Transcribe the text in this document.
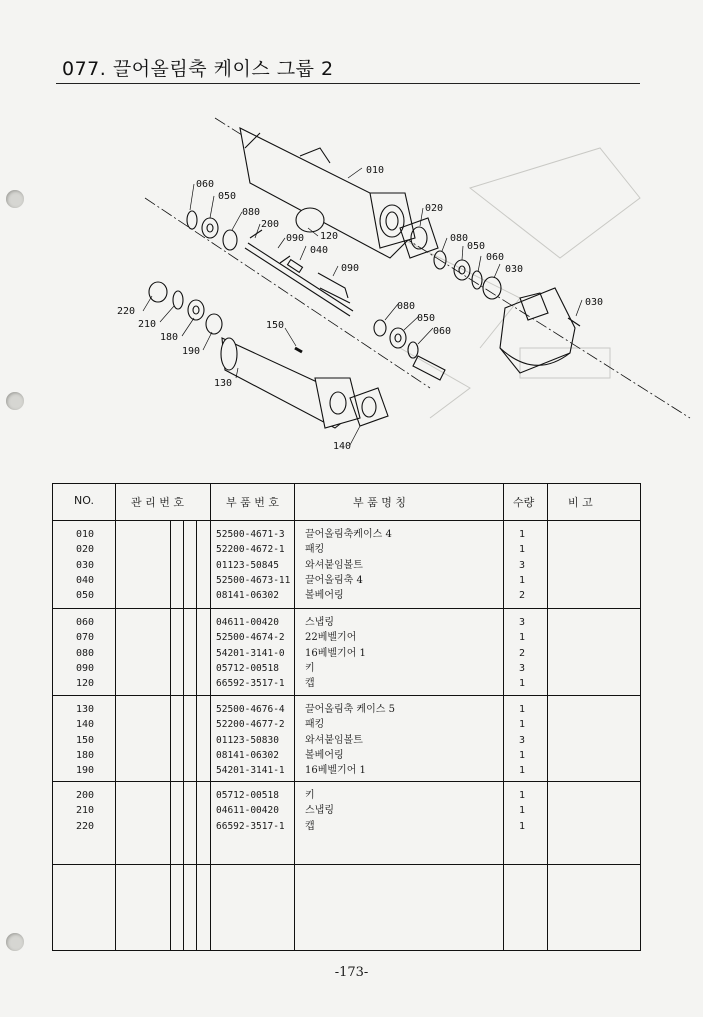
077. 끌어올림축 케이스 그룹 2
010
060
050
080
200
090
040
090
120
020
080
050
060
030
030
080
050
060
220
210
180
190
150
130
140
NO.	관 리 번 호	부 품 번 호	부 품 명 칭	수량	비 고
010	52500-4671-3 끌어올림축케이스 4	1
020	52200-4672-1 패킹	1
030	01123-50845	와셔붙임볼트	3
040	52500-4673-11 끌어올림축 4	1
050	08141-06302	볼베어링	2
060	04611-00420	스냅링	3
070	52500-4674-2 22베벨기어	1
080	54201-3141-0 16베벨기어 1	2
090	05712-00518	키	3
120	66592-3517-1 캡	1
130	52500-4676-4 끌어올림축 케이스 5	1
140	52200-4677-2 패킹	1
150	01123-50830	와셔붙임볼트	3
180	08141-06302	볼베어링	1
190	54201-3141-1 16베벨기어 1	1
200	05712-00518	키	1
210	04611-00420	스냅링	1
220	66592-3517-1 캡	1
-173-
